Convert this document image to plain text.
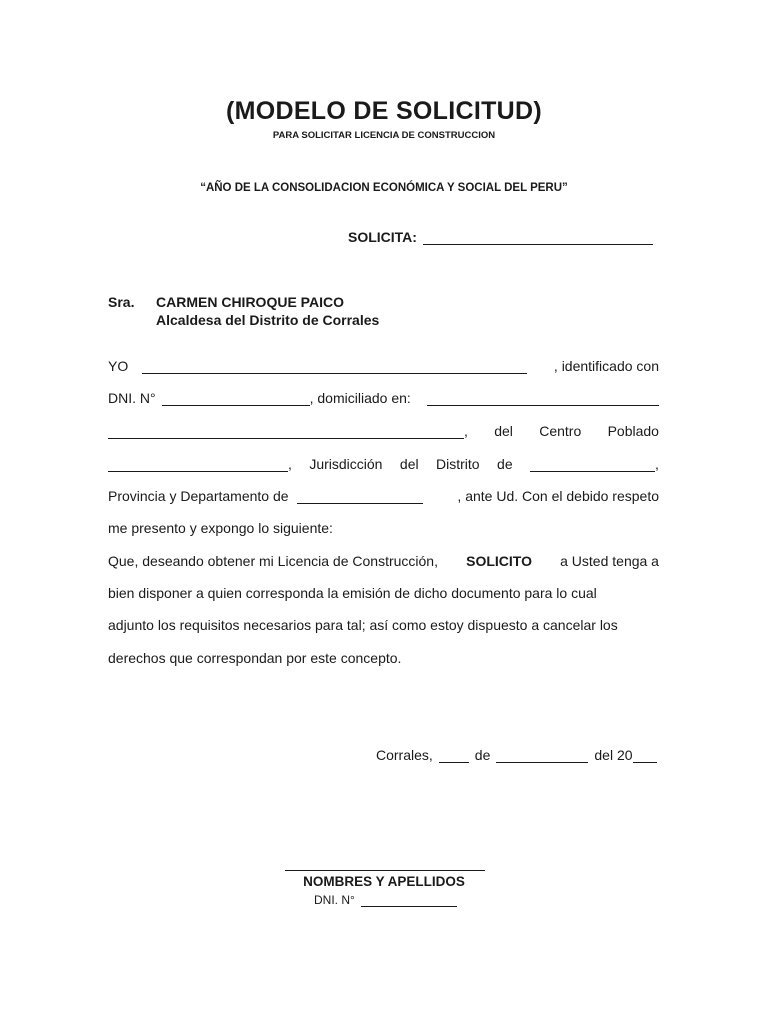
(MODELO DE SOLICITUD)
PARA SOLICITAR LICENCIA DE CONSTRUCCION
“AÑO DE LA CONSOLIDACION ECONÓMICA Y SOCIAL DEL PERU”
SOLICITA:
Sra.	CARMEN CHIROQUE PAICO
Alcaldesa del Distrito de Corrales
YO	, identificado con
DNI. N°	, domiciliado en:
, del Centro Poblado
, Jurisdicción del Distrito de	,
Provincia y Departamento de	, ante Ud. Con el debido respeto
me presento y expongo lo siguiente:
Que, deseando obtener mi Licencia de Construcción, SOLICITO a Usted tenga a
bien disponer a quien corresponda la emisión de dicho documento para lo cual
adjunto los requisitos necesarios para tal; así como estoy dispuesto a cancelar los
derechos que correspondan por este concepto.
Corrales,	de	del 20
NOMBRES Y APELLIDOS
DNI. N°
